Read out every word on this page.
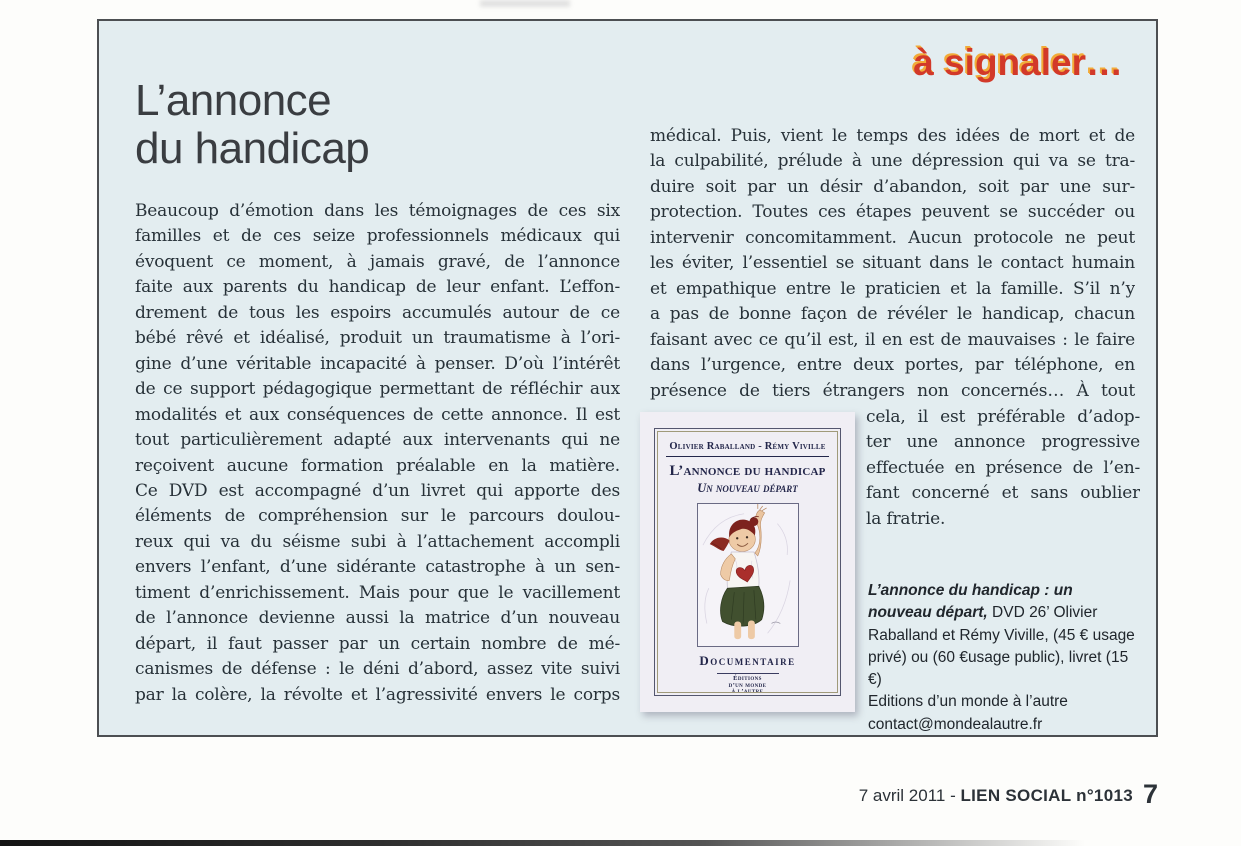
à signaler…
L’annonce
du handicap
Beaucoup d’émotion dans les témoignages de ces six
familles et de ces seize professionnels médicaux qui
évoquent ce moment, à jamais gravé, de l’annonce
faite aux parents du handicap de leur enfant. L’effon-
drement de tous les espoirs accumulés autour de ce
bébé rêvé et idéalisé, produit un traumatisme à l’ori-
gine d’une véritable incapacité à penser. D’où l’intérêt
de ce support pédagogique permettant de réfléchir aux
modalités et aux conséquences de cette annonce. Il est
tout particulièrement adapté aux intervenants qui ne
reçoivent aucune formation préalable en la matière.
Ce DVD est accompagné d’un livret qui apporte des
éléments de compréhension sur le parcours doulou-
reux qui va du séisme subi à l’attachement accompli
envers l’enfant, d’une sidérante catastrophe à un sen-
timent d’enrichissement. Mais pour que le vacillement
de l’annonce devienne aussi la matrice d’un nouveau
départ, il faut passer par un certain nombre de mé-
canismes de défense : le déni d’abord, assez vite suivi
par la colère, la révolte et l’agressivité envers le corps
médical. Puis, vient le temps des idées de mort et de
la culpabilité, prélude à une dépression qui va se tra-
duire soit par un désir d’abandon, soit par une sur-
protection. Toutes ces étapes peuvent se succéder ou
intervenir concomitamment. Aucun protocole ne peut
les éviter, l’essentiel se situant dans le contact humain
et empathique entre le praticien et la famille. S’il n’y
a pas de bonne façon de révéler le handicap, chacun
faisant avec ce qu’il est, il en est de mauvaises : le faire
dans l’urgence, entre deux portes, par téléphone, en
présence de tiers étrangers non concernés… À tout
Olivier Raballand - Rémy Viville
L’annonce du handicap
Un nouveau départ
Documentaire
Éditions
d’un monde
à l’autre
cela, il est préférable d’adop-
ter une annonce progressive
effectuée en présence de l’en-
fant concerné et sans oublier
la fratrie.
L’annonce du handicap : un nouveau départ, DVD 26’ Olivier Raballand et Rémy Viville, (45 € usage privé) ou (60 €usage public), livret (15 €)
Editions d’un monde à l’autre
contact@mondealautre.fr
7 avril 2011 - LIEN SOCIAL n°1013 7
